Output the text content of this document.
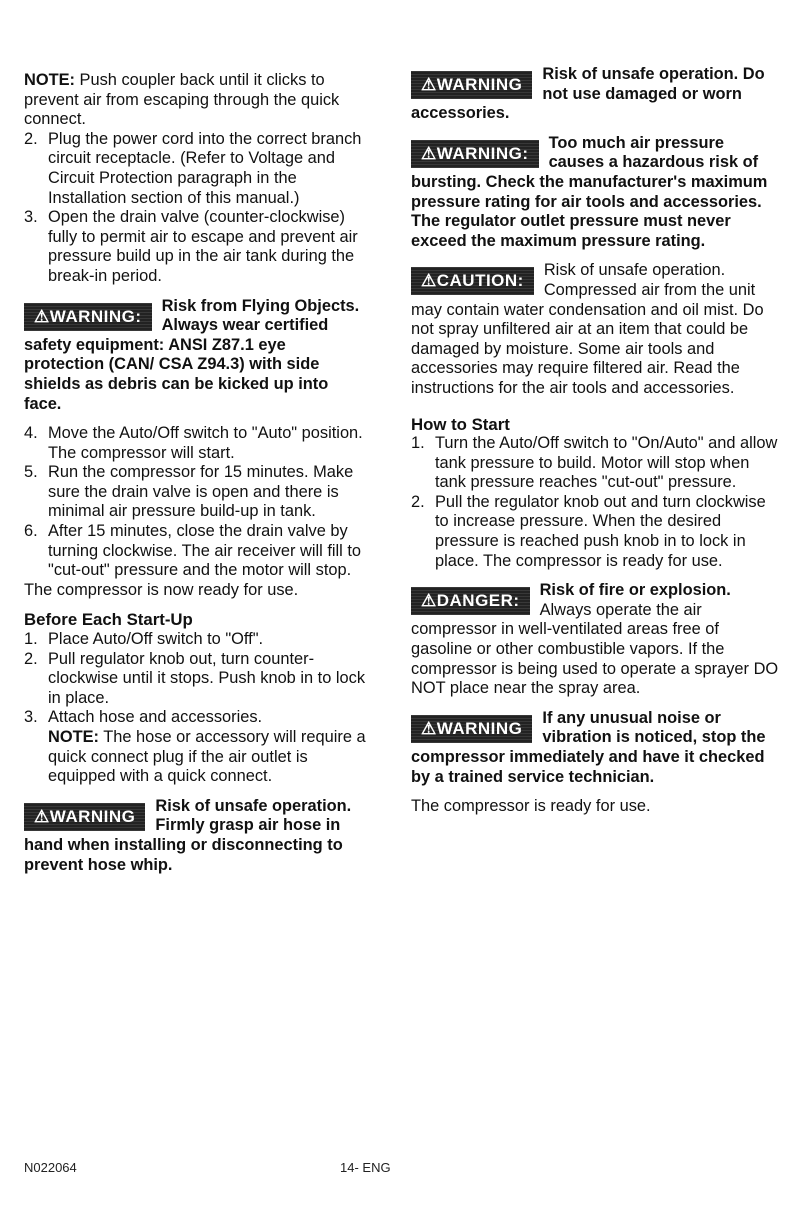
NOTE: Push coupler back until it clicks to prevent air from escaping through the quick connect.

2. Plug the power cord into the correct branch circuit receptacle. (Refer to Voltage and Circuit Protection paragraph in the Installation section of this manual.)
3. Open the drain valve (counter-clockwise) fully to permit air to escape and prevent air pressure build up in the air tank during the break-in period.
⚠WARNING:
Risk from Flying Objects. Always wear certified safety equipment: ANSI Z87.1 eye protection (CAN/ CSA Z94.3) with side shields as debris can be kicked up into face.
4. Move the Auto/Off switch to "Auto" position. The compressor will start.
5. Run the compressor for 15 minutes. Make sure the drain valve is open and there is minimal air pressure build-up in tank.
6. After 15 minutes, close the drain valve by turning clockwise. The air receiver will fill to "cut-out" pressure and the motor will stop.

The compressor is now ready for use.

Before Each Start-Up

1. Place Auto/Off switch to "Off".
2. Pull regulator knob out, turn counter-clockwise until it stops. Push knob in to lock in place.
3. Attach hose and accessories.
NOTE: The hose or accessory will require a quick connect plug if the air outlet is equipped with a quick connect.
⚠WARNING
Risk of unsafe operation. Firmly grasp air hose in hand when installing or disconnecting to prevent hose whip.
⚠WARNING
Risk of unsafe operation. Do not use damaged or worn accessories.
⚠WARNING:
Too much air pressure causes a hazardous risk of bursting. Check the manufacturer's maximum pressure rating for air tools and accessories. The regulator outlet pressure must never exceed the maximum pressure rating.
⚠CAUTION:
Risk of unsafe operation. Compressed air from the unit may contain water condensation and oil mist. Do not spray unfiltered air at an item that could be damaged by moisture. Some air tools and accessories may require filtered air. Read the instructions for the air tools and accessories.

How to Start

1. Turn the Auto/Off switch to "On/Auto" and allow tank pressure to build. Motor will stop when tank pressure reaches "cut-out" pressure.
2. Pull the regulator knob out and turn clockwise to increase pressure. When the desired pressure is reached push knob in to lock in place. The compressor is ready for use.
⚠DANGER:
Risk of fire or explosion. Always operate the air compressor in well-ventilated areas free of gasoline or other combustible vapors. If the compressor is being used to operate a sprayer DO NOT place near the spray area.
⚠WARNING
If any unusual noise or vibration is noticed, stop the compressor immediately and have it checked by a trained service technician.

The compressor is ready for use.

N022064	14- ENG
